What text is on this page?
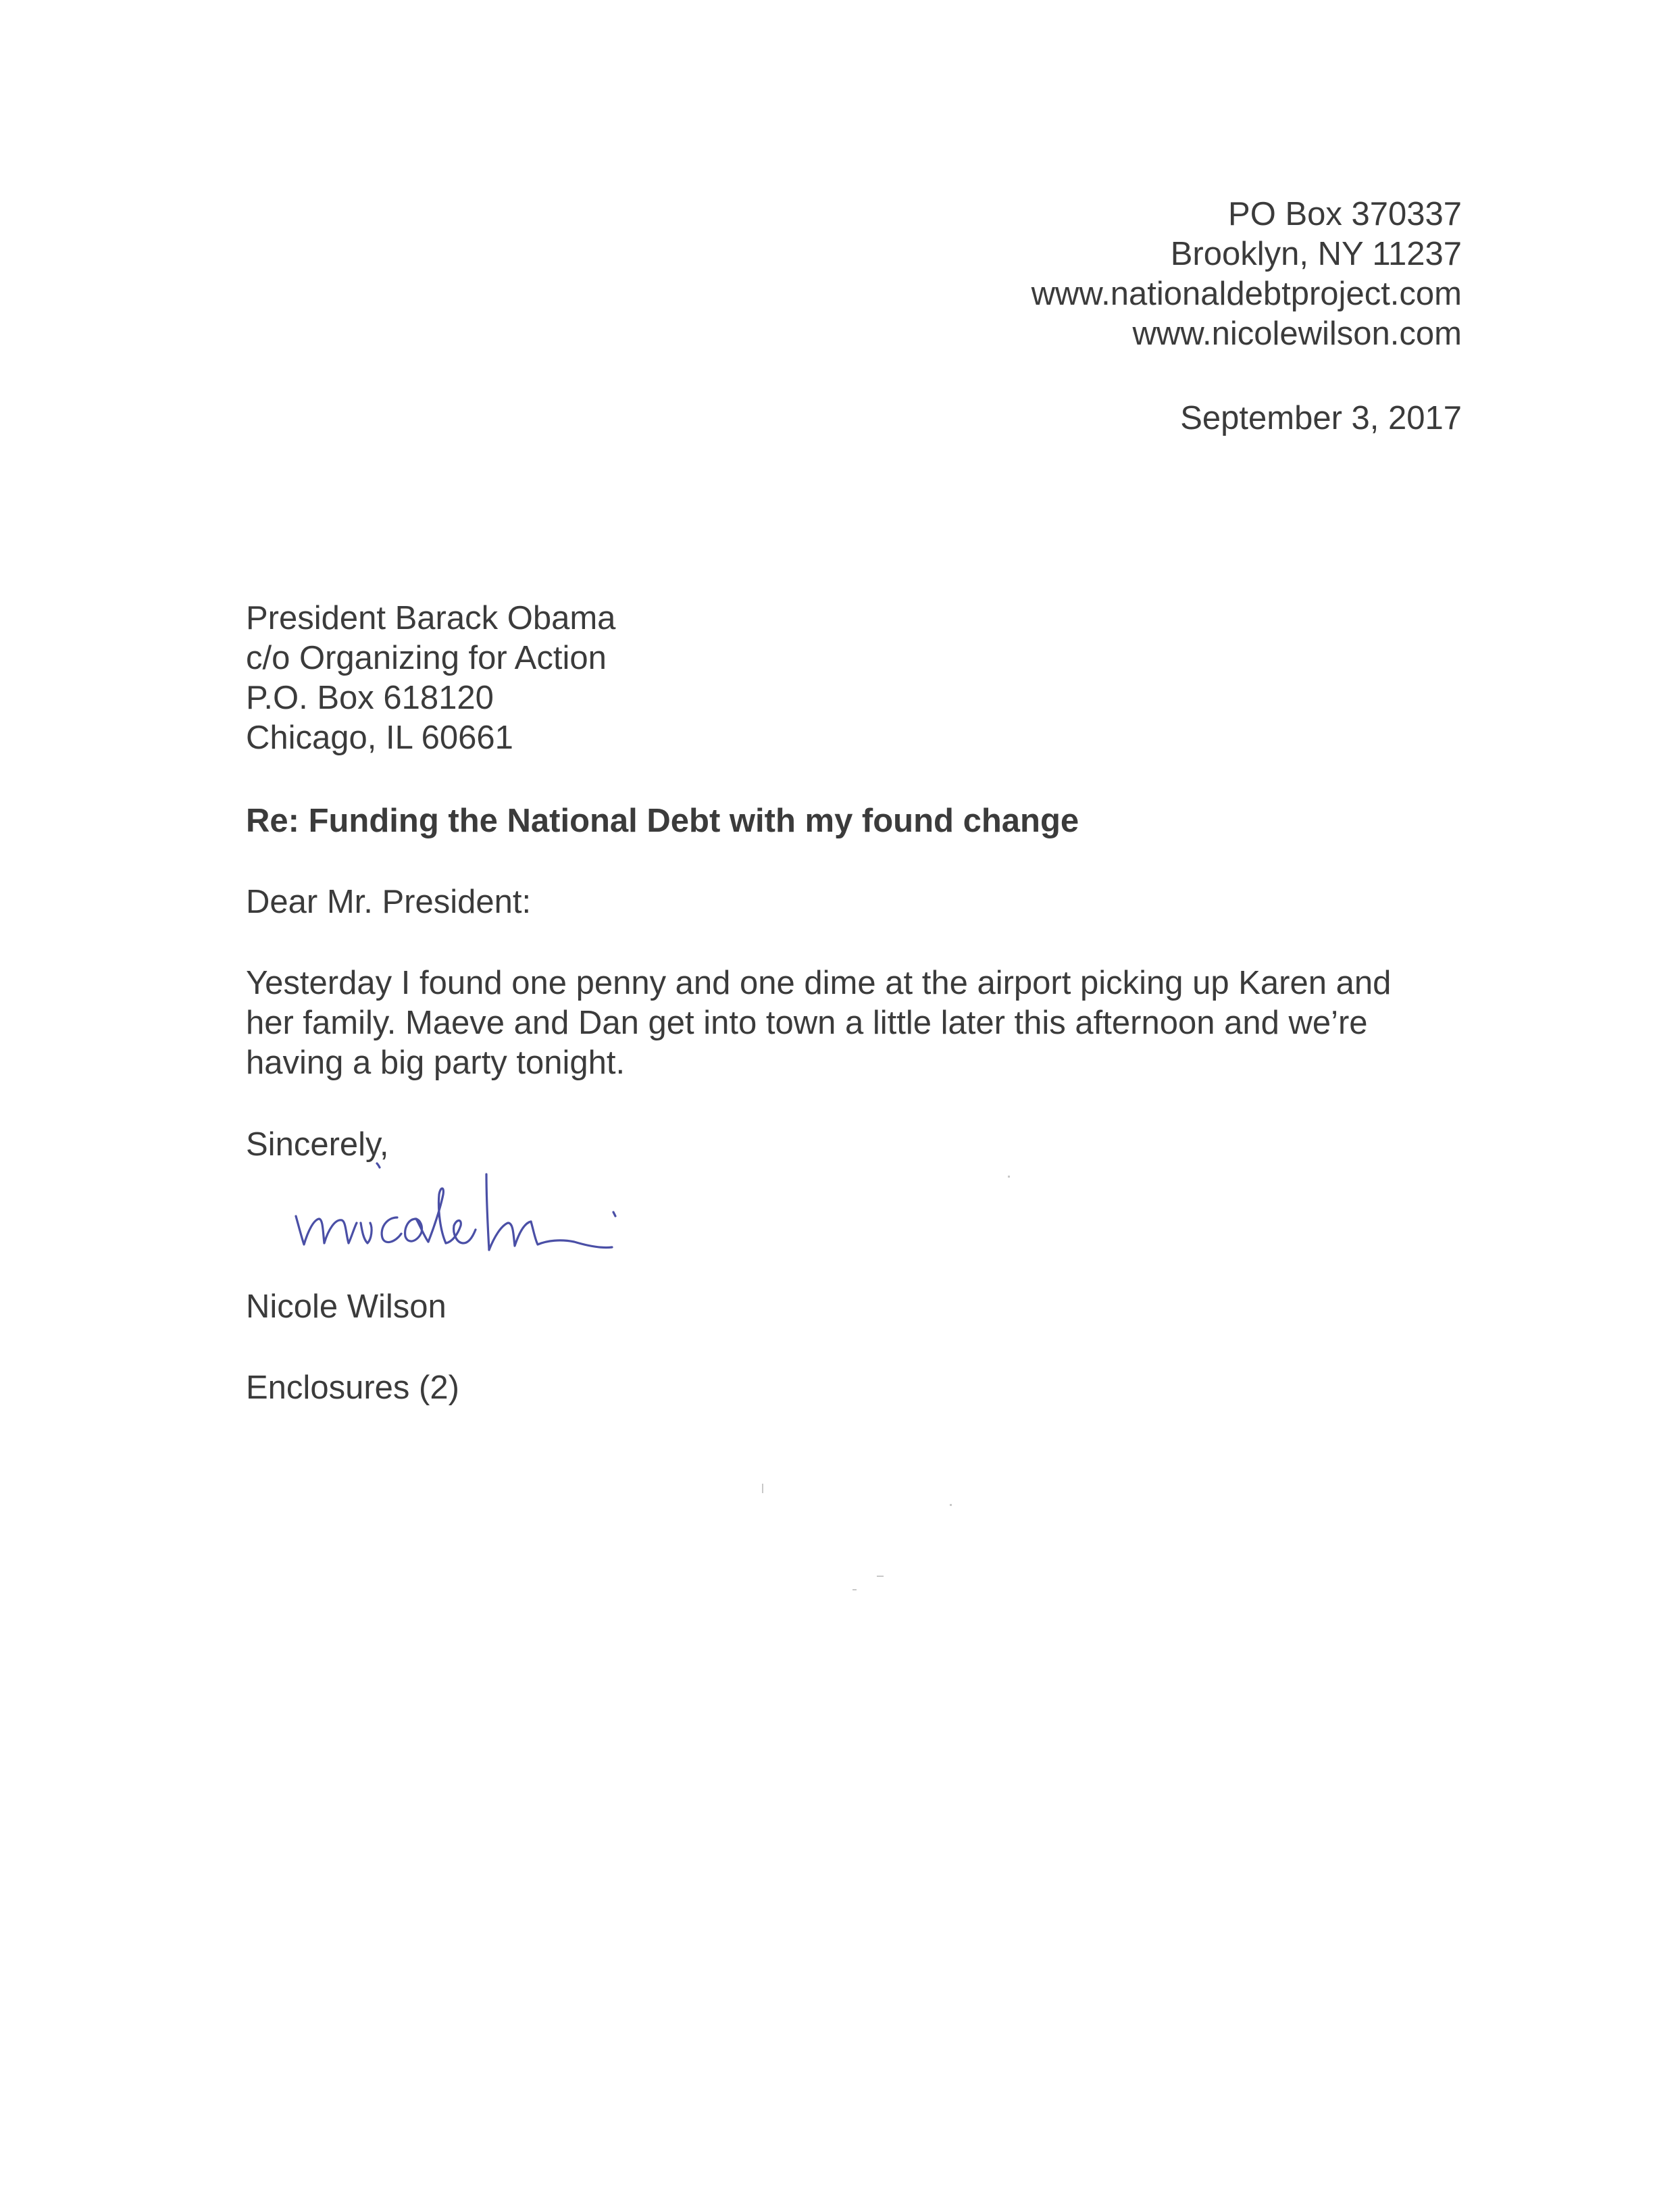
PO Box 370337
Brooklyn, NY 11237
www.nationaldebtproject.com
www.nicolewilson.com
September 3, 2017
President Barack Obama
c/o Organizing for Action
P.O. Box 618120
Chicago, IL 60661
Re: Funding the National Debt with my found change
Dear Mr. President:

Yesterday I found one penny and one dime at the airport picking up Karen and her family. Maeve and Dan get into town a little later this afternoon and we’re having a big party tonight.

Sincerely,
Nicole Wilson
Enclosures (2)
